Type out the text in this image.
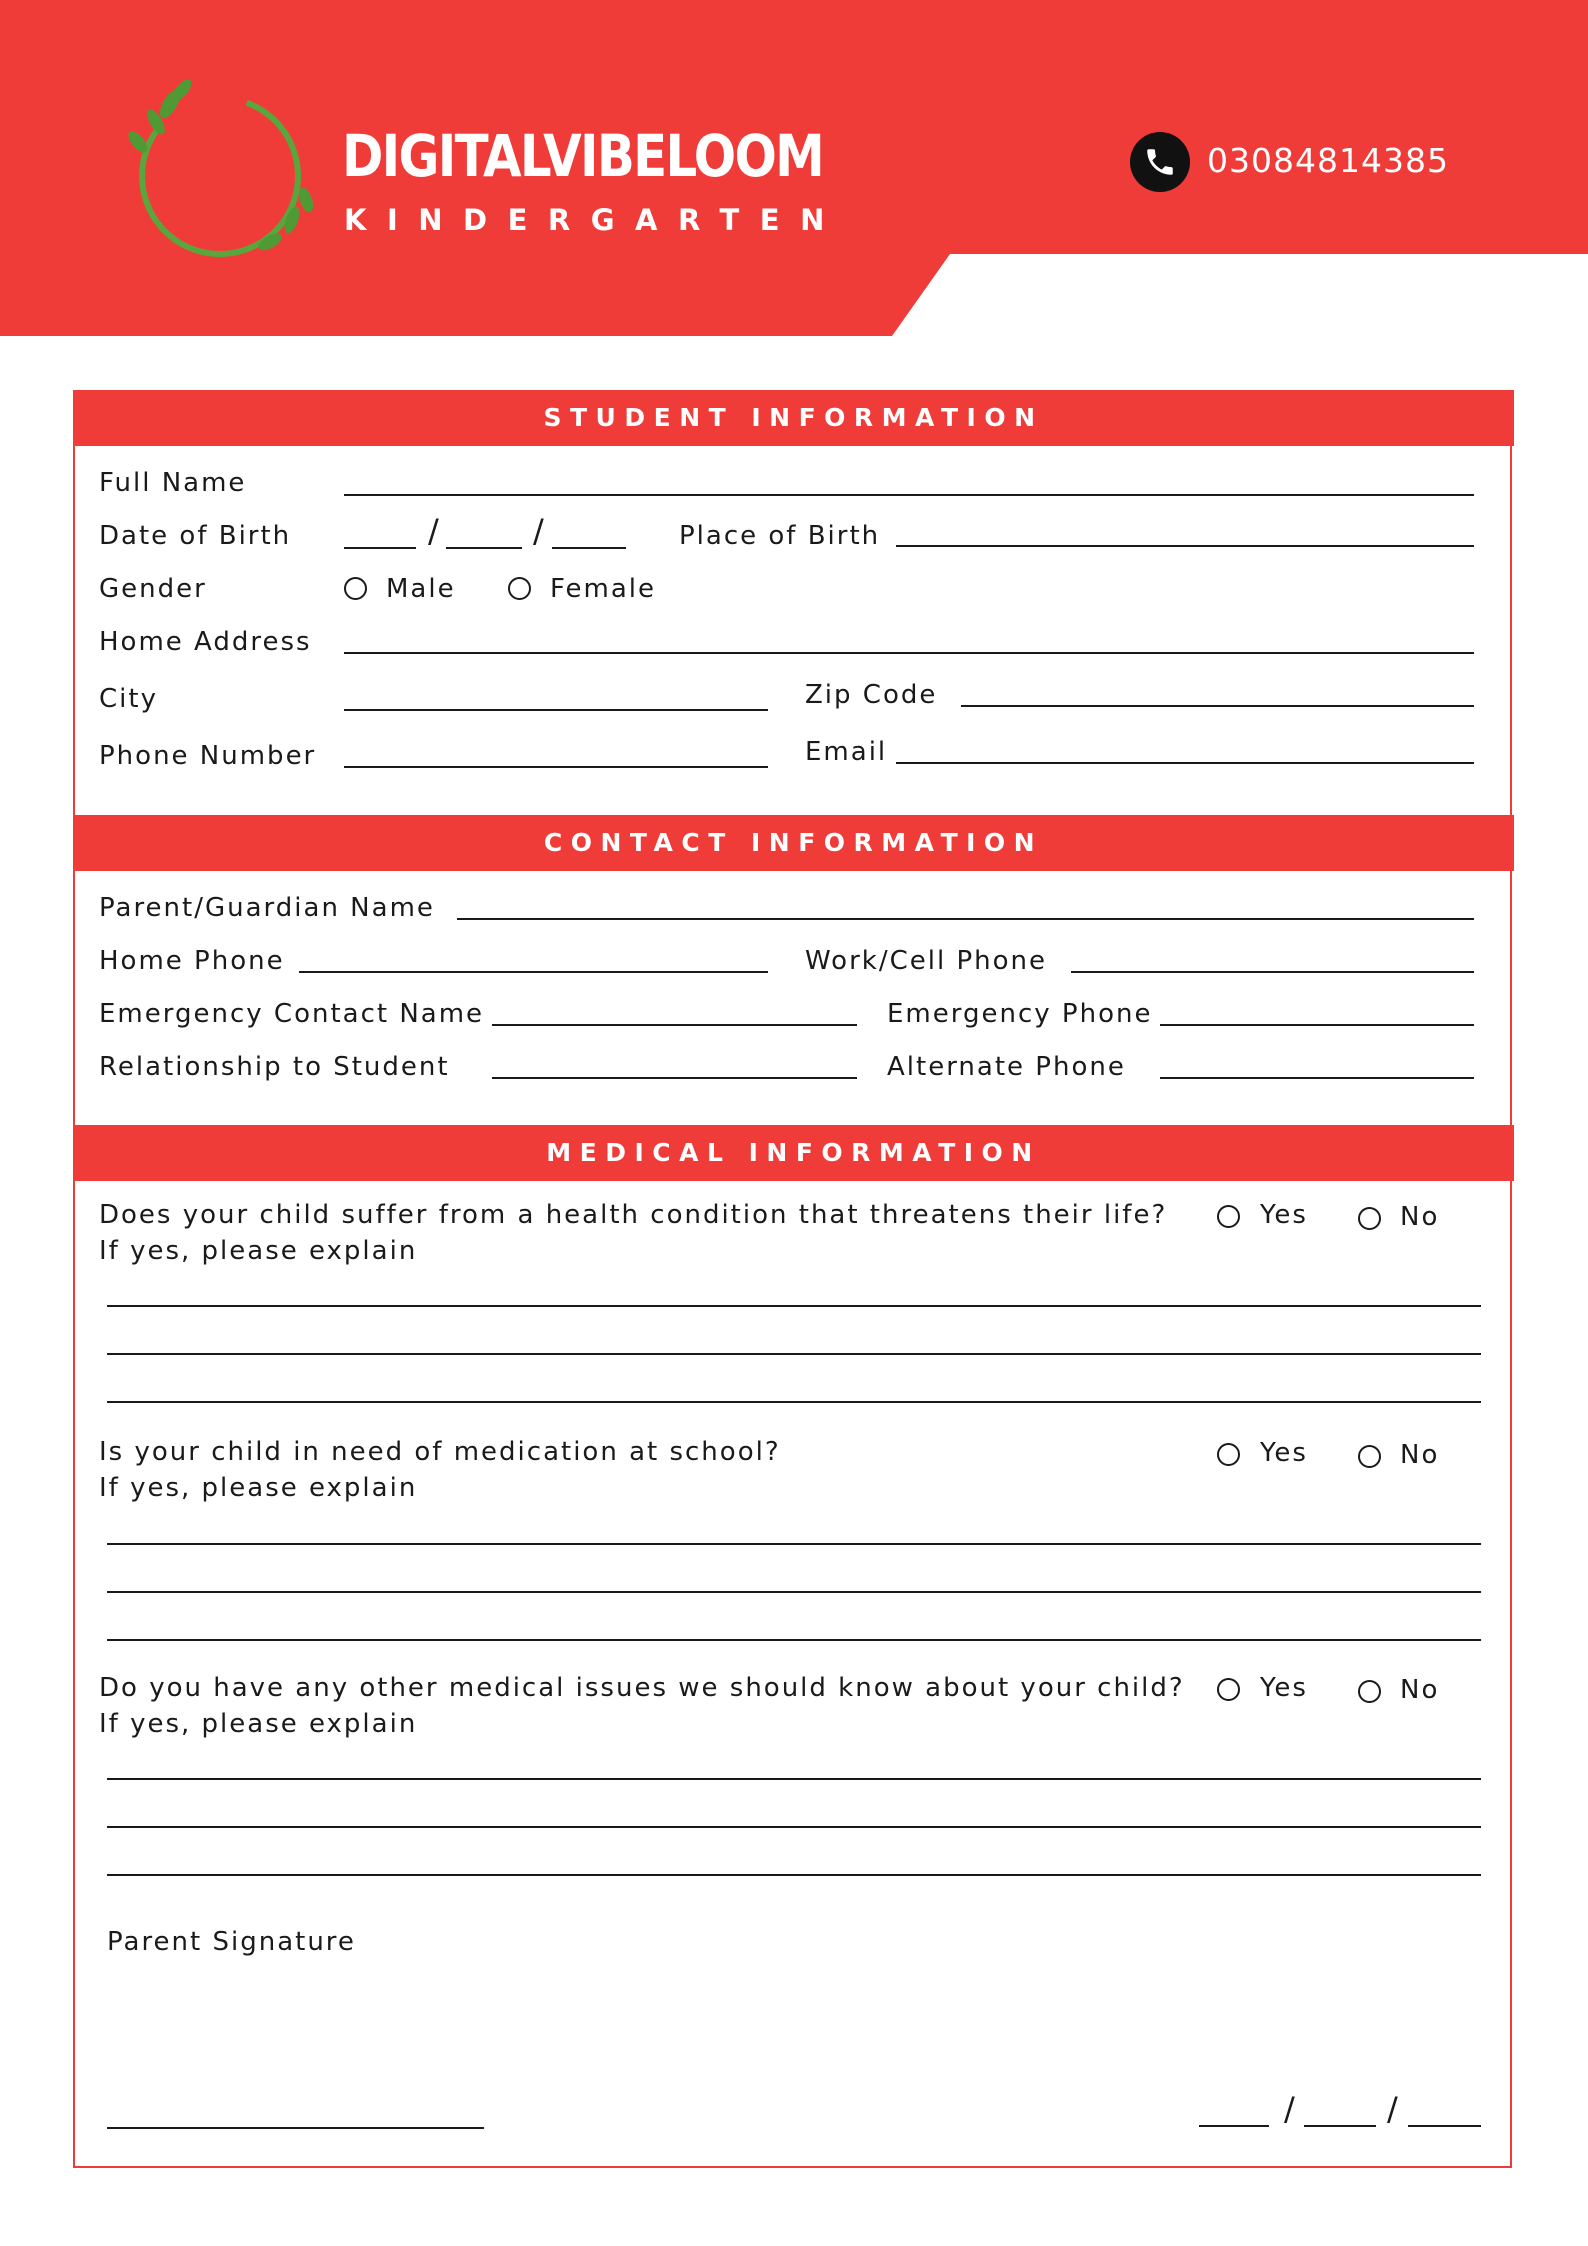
DIGITALVIBELOOM
KINDERGARTEN
03084814385
STUDENT INFORMATION
Full Name
Date of Birth	/	/	Place of Birth
Gender	Male	Female
Home Address
City	Zip Code
Phone Number	Email
CONTACT INFORMATION
Parent/Guardian Name
Home Phone	Work/Cell Phone
Emergency Contact Name	Emergency Phone
Relationship to Student	Alternate Phone
MEDICAL INFORMATION
Does your child suffer from a health condition that threatens their life?
If yes, please explain
Yes	No
Is your child in need of medication at school?
If yes, please explain
Yes	No
Do you have any other medical issues we should know about your child?
If yes, please explain
Yes	No
Parent Signature
/	/
